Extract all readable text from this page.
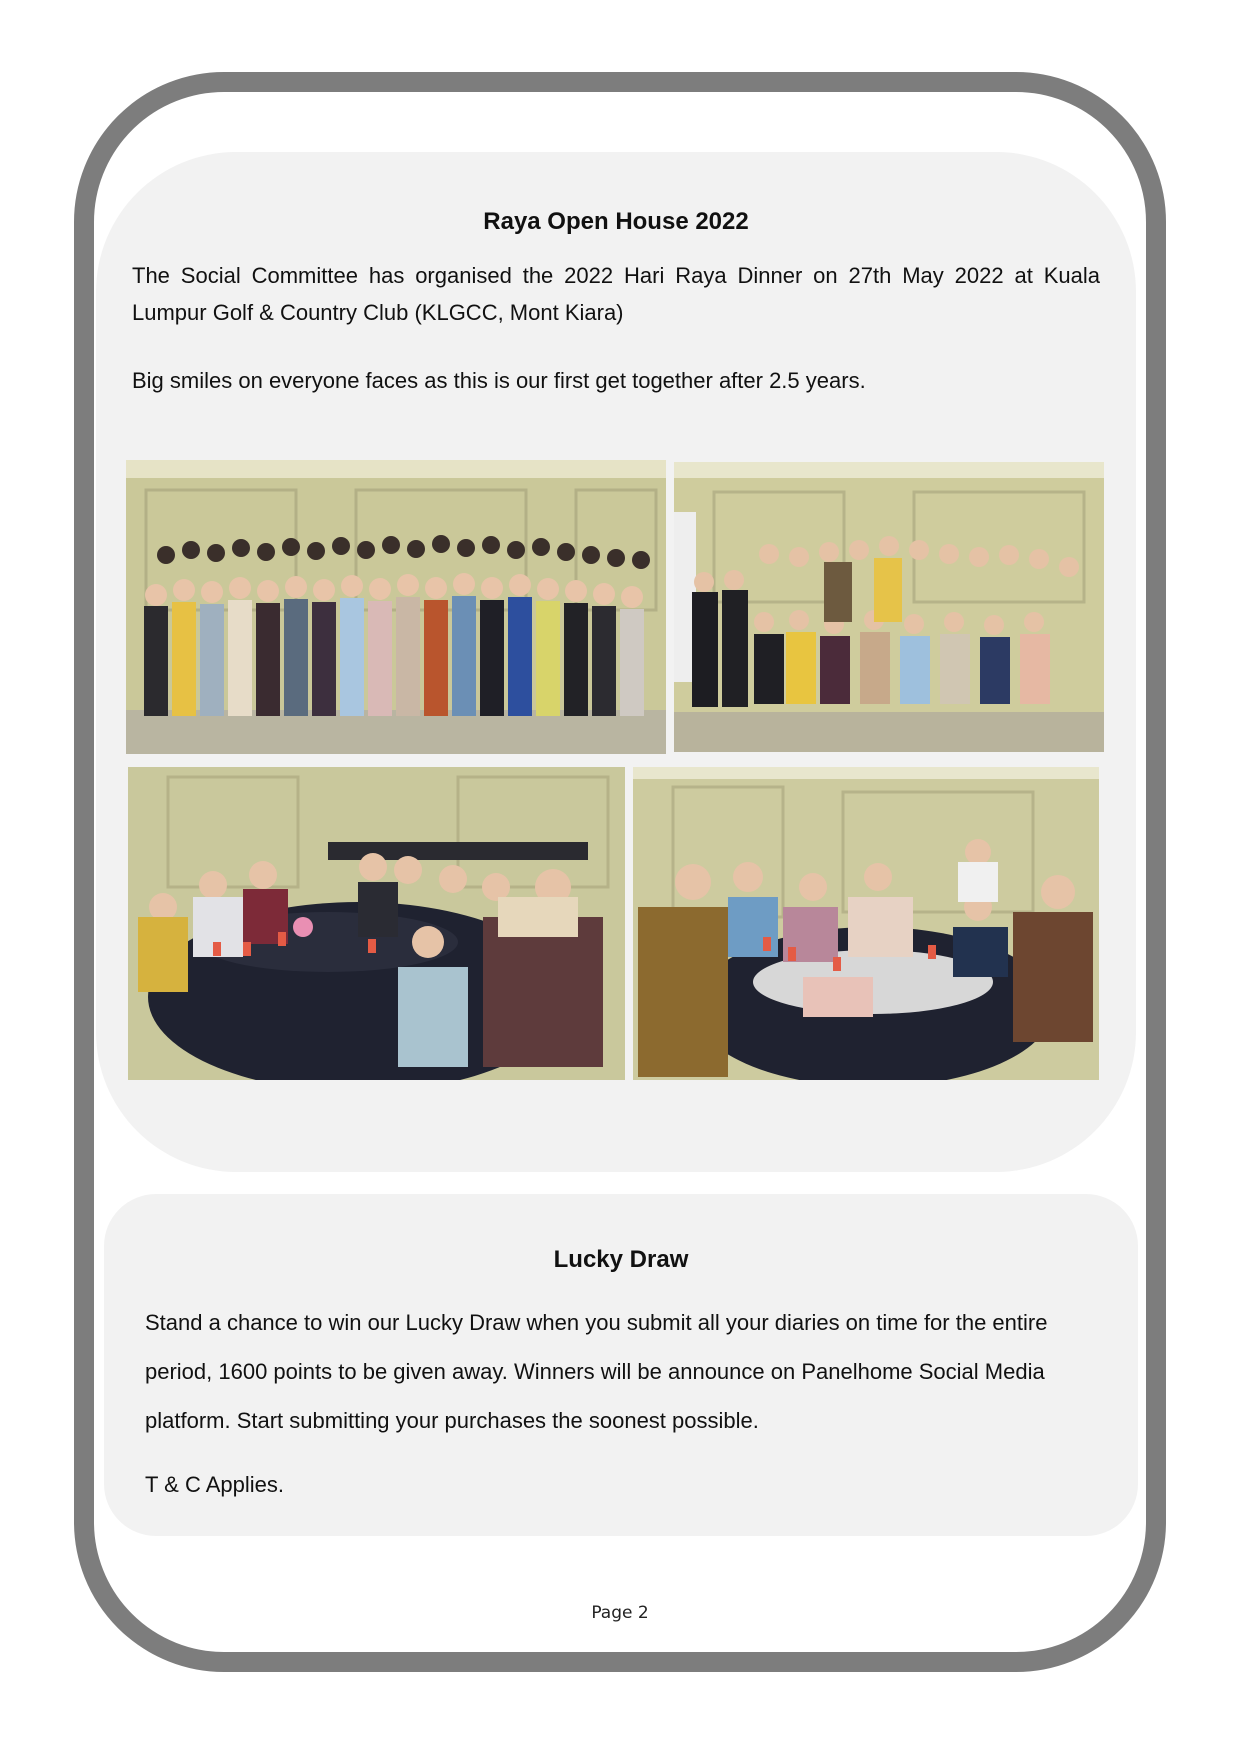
Raya Open House 2022

The Social Committee has organised the 2022 Hari Raya Dinner on 27th May 2022 at Kuala Lumpur Golf & Country Club (KLGCC, Mont Kiara)

Big smiles on everyone faces as this is our first get together after 2.5 years.

Lucky Draw

Stand a chance to win our Lucky Draw when you submit all your diaries on time for the entire period, 1600 points to be given away. Winners will be announce on Panelhome Social Media platform. Start submitting your purchases the soonest possible.

T & C Applies.

Page 2
